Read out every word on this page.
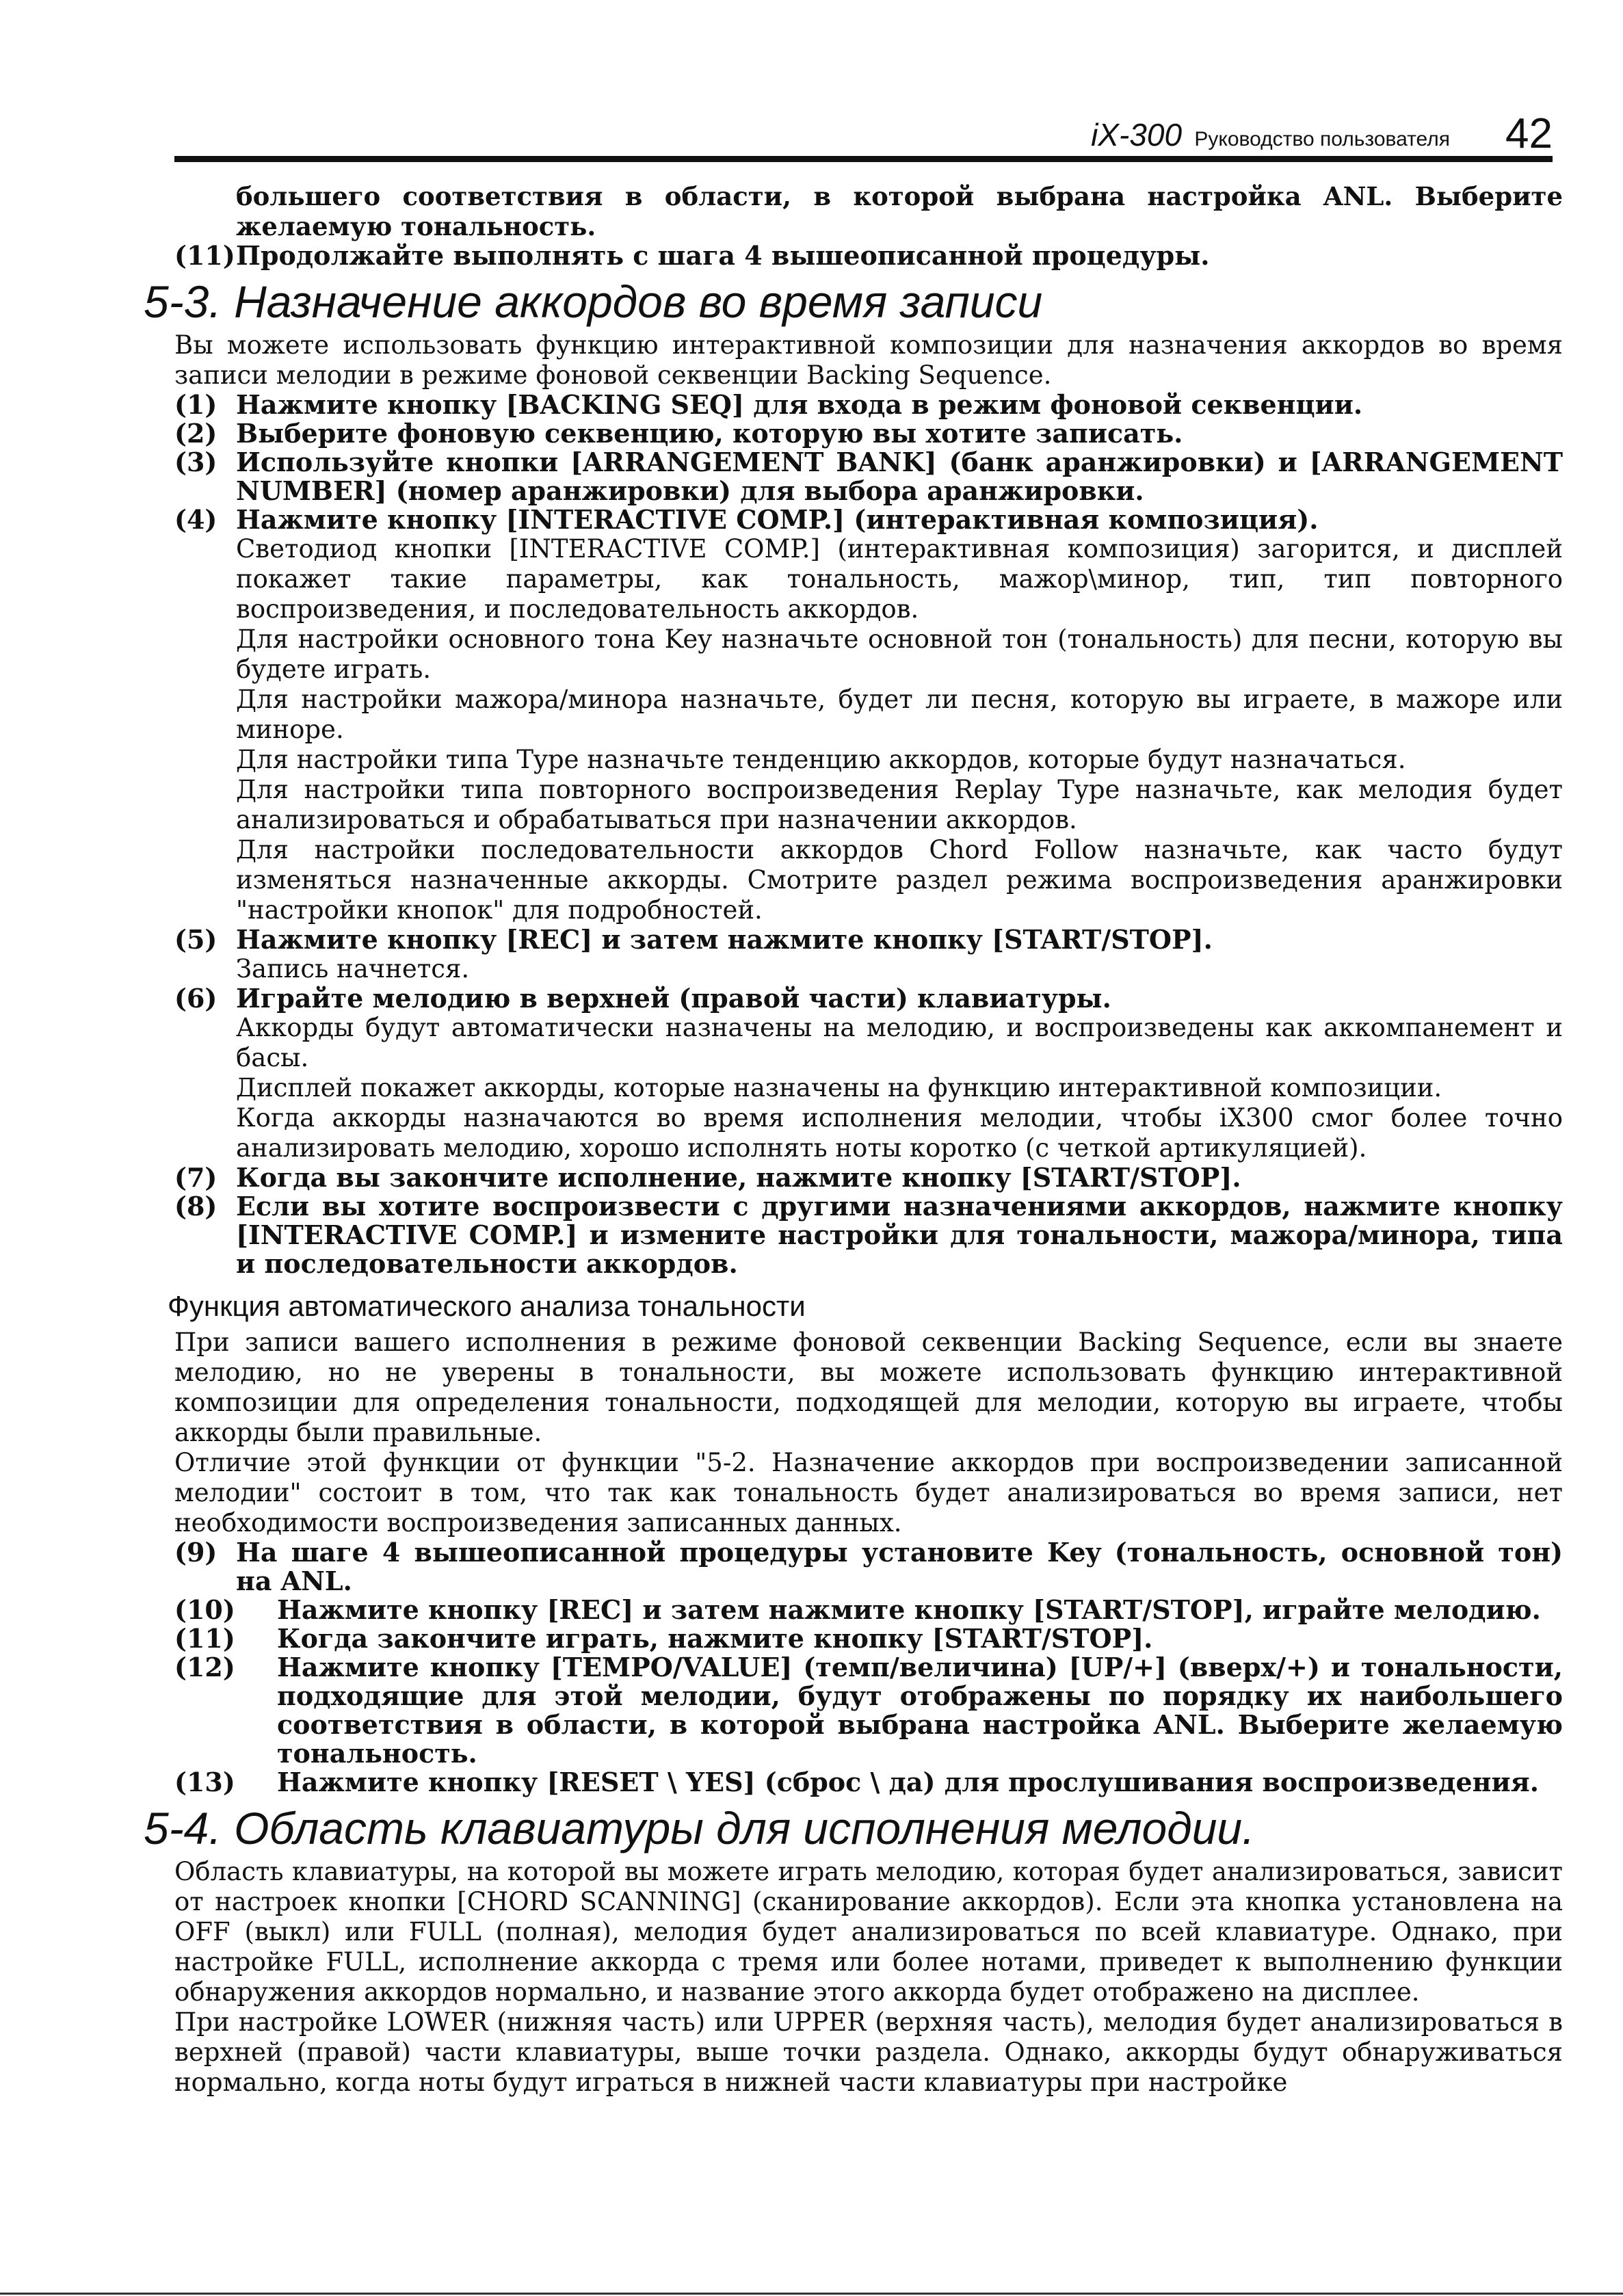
iX-300 Руководство пользователя 42

большего соответствия в области, в которой выбрана настройка ANL. Выберите желаемую тональность.

(11) Продолжайте выполнять с шага 4 вышеописанной процедуры.
5-3. Назначение аккордов во время записи

Вы можете использовать функцию интерактивной композиции для назначения аккордов во время записи мелодии в режиме фоновой секвенции Backing Sequence.

(1) Нажмите кнопку [BACKING SEQ] для входа в режим фоновой секвенции.
(2) Выберите фоновую секвенцию, которую вы хотите записать.
(3) Используйте кнопки [ARRANGEMENT BANK] (банк аранжировки) и [ARRANGEMENT NUMBER] (номер аранжировки) для выбора аранжировки.
(4) Нажмите кнопку [INTERACTIVE COMP.] (интерактивная композиция).

Светодиод кнопки [INTERACTIVE COMP.] (интерактивная композиция) загорится, и дисплей покажет такие параметры, как тональность, мажор\минор, тип, тип повторного воспроизведения, и последовательность аккордов.

Для настройки основного тона Key назначьте основной тон (тональность) для песни, которую вы будете играть.

Для настройки мажора/минора назначьте, будет ли песня, которую вы играете, в мажоре или миноре.

Для настройки типа Type назначьте тенденцию аккордов, которые будут назначаться.

Для настройки типа повторного воспроизведения Replay Type назначьте, как мелодия будет анализироваться и обрабатываться при назначении аккордов.

Для настройки последовательности аккордов Chord Follow назначьте, как часто будут изменяться назначенные аккорды. Смотрите раздел режима воспроизведения аранжировки "настройки кнопок" для подробностей.

(5) Нажмите кнопку [REC] и затем нажмите кнопку [START/STOP].

Запись начнется.

(6) Играйте мелодию в верхней (правой части) клавиатуры.

Аккорды будут автоматически назначены на мелодию, и воспроизведены как аккомпанемент и басы.

Дисплей покажет аккорды, которые назначены на функцию интерактивной композиции.

Когда аккорды назначаются во время исполнения мелодии, чтобы iX300 смог более точно анализировать мелодию, хорошо исполнять ноты коротко (с четкой артикуляцией).

(7) Когда вы закончите исполнение, нажмите кнопку [START/STOP].
(8) Если вы хотите воспроизвести с другими назначениями аккордов, нажмите кнопку [INTERACTIVE COMP.] и измените настройки для тональности, мажора/минора, типа и последовательности аккордов.
Функция автоматического анализа тональности

При записи вашего исполнения в режиме фоновой секвенции Backing Sequence, если вы знаете мелодию, но не уверены в тональности, вы можете использовать функцию интерактивной композиции для определения тональности, подходящей для мелодии, которую вы играете, чтобы аккорды были правильные.

Отличие этой функции от функции "5-2. Назначение аккордов при воспроизведении записанной мелодии" состоит в том, что так как тональность будет анализироваться во время записи, нет необходимости воспроизведения записанных данных.

(9) На шаге 4 вышеописанной процедуры установите Key (тональность, основной тон) на ANL.
(10)	Нажмите кнопку [REC] и затем нажмите кнопку [START/STOP], играйте мелодию.
(11)	Когда закончите играть, нажмите кнопку [START/STOP].
(12)	Нажмите кнопку [TEMPO/VALUE] (темп/величина) [UP/+] (вверх/+) и тональности, подходящие для этой мелодии, будут отображены по порядку их наибольшего соответствия в области, в которой выбрана настройка ANL. Выберите желаемую тональность.
(13)	Нажмите кнопку [RESET \ YES] (сброс \ да) для прослушивания воспроизведения.
5-4. Область клавиатуры для исполнения мелодии.

Область клавиатуры, на которой вы можете играть мелодию, которая будет анализироваться, зависит от настроек кнопки [CHORD SCANNING] (сканирование аккордов). Если эта кнопка установлена на OFF (выкл) или FULL (полная), мелодия будет анализироваться по всей клавиатуре. Однако, при настройке FULL, исполнение аккорда с тремя или более нотами, приведет к выполнению функции обнаружения аккордов нормально, и название этого аккорда будет отображено на дисплее.

При настройке LOWER (нижняя часть) или UPPER (верхняя часть), мелодия будет анализироваться в верхней (правой) части клавиатуры, выше точки раздела. Однако, аккорды будут обнаруживаться нормально, когда ноты будут играться в нижней части клавиатуры при настройке
